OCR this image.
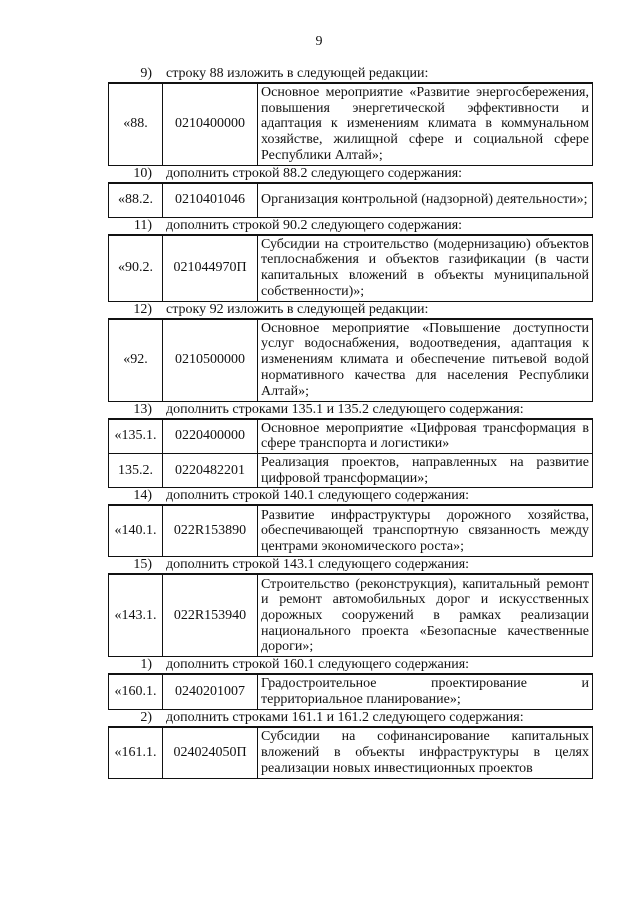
9
9)	строку 88 изложить в следующей редакции:
«88.	0210400000	Основное мероприятие «Развитие энергосбережения, повышения энергетической эффективности и адаптация к изменениям климата в коммунальном хозяйстве, жилищной сфере и социальной сфере Республики Алтай»;
10)	дополнить строкой 88.2 следующего содержания:
«88.2.	0210401046	Организация контрольной (надзорной) деятельности»;
11)	дополнить строкой 90.2 следующего содержания:
«90.2.	021044970П	Субсидии на строительство (модернизацию) объектов теплоснабжения и объектов газификации (в части капитальных вложений в объекты муниципальной собственности)»;
12)	строку 92 изложить в следующей редакции:
«92.	0210500000	Основное мероприятие «Повышение доступности услуг водоснабжения, водоотведения, адаптация к изменениям климата и обеспечение питьевой водой нормативного качества для населения Республики Алтай»;
13)	дополнить строками 135.1 и 135.2 следующего содержания:
«135.1.	0220400000	Основное мероприятие «Цифровая трансформация в сфере транспорта и логистики»
135.2.	0220482201	Реализация проектов, направленных на развитие цифровой трансформации»;
14)	дополнить строкой 140.1 следующего содержания:
«140.1.	022R153890	Развитие инфраструктуры дорожного хозяйства, обеспечивающей транспортную связанность между центрами экономического роста»;
15)	дополнить строкой 143.1 следующего содержания:
«143.1.	022R153940	Строительство (реконструкция), капитальный ремонт и ремонт автомобильных дорог и искусственных дорожных сооружений в рамках реализации национального проекта «Безопасные качественные дороги»;
1)	дополнить строкой 160.1 следующего содержания:
«160.1.	0240201007	Градостроительное проектирование и территориальное планирование»;
2)	дополнить строками 161.1 и 161.2 следующего содержания:
«161.1.	024024050П	Субсидии на софинансирование капитальных вложений в объекты инфраструктуры в целях реализации новых инвестиционных проектов
